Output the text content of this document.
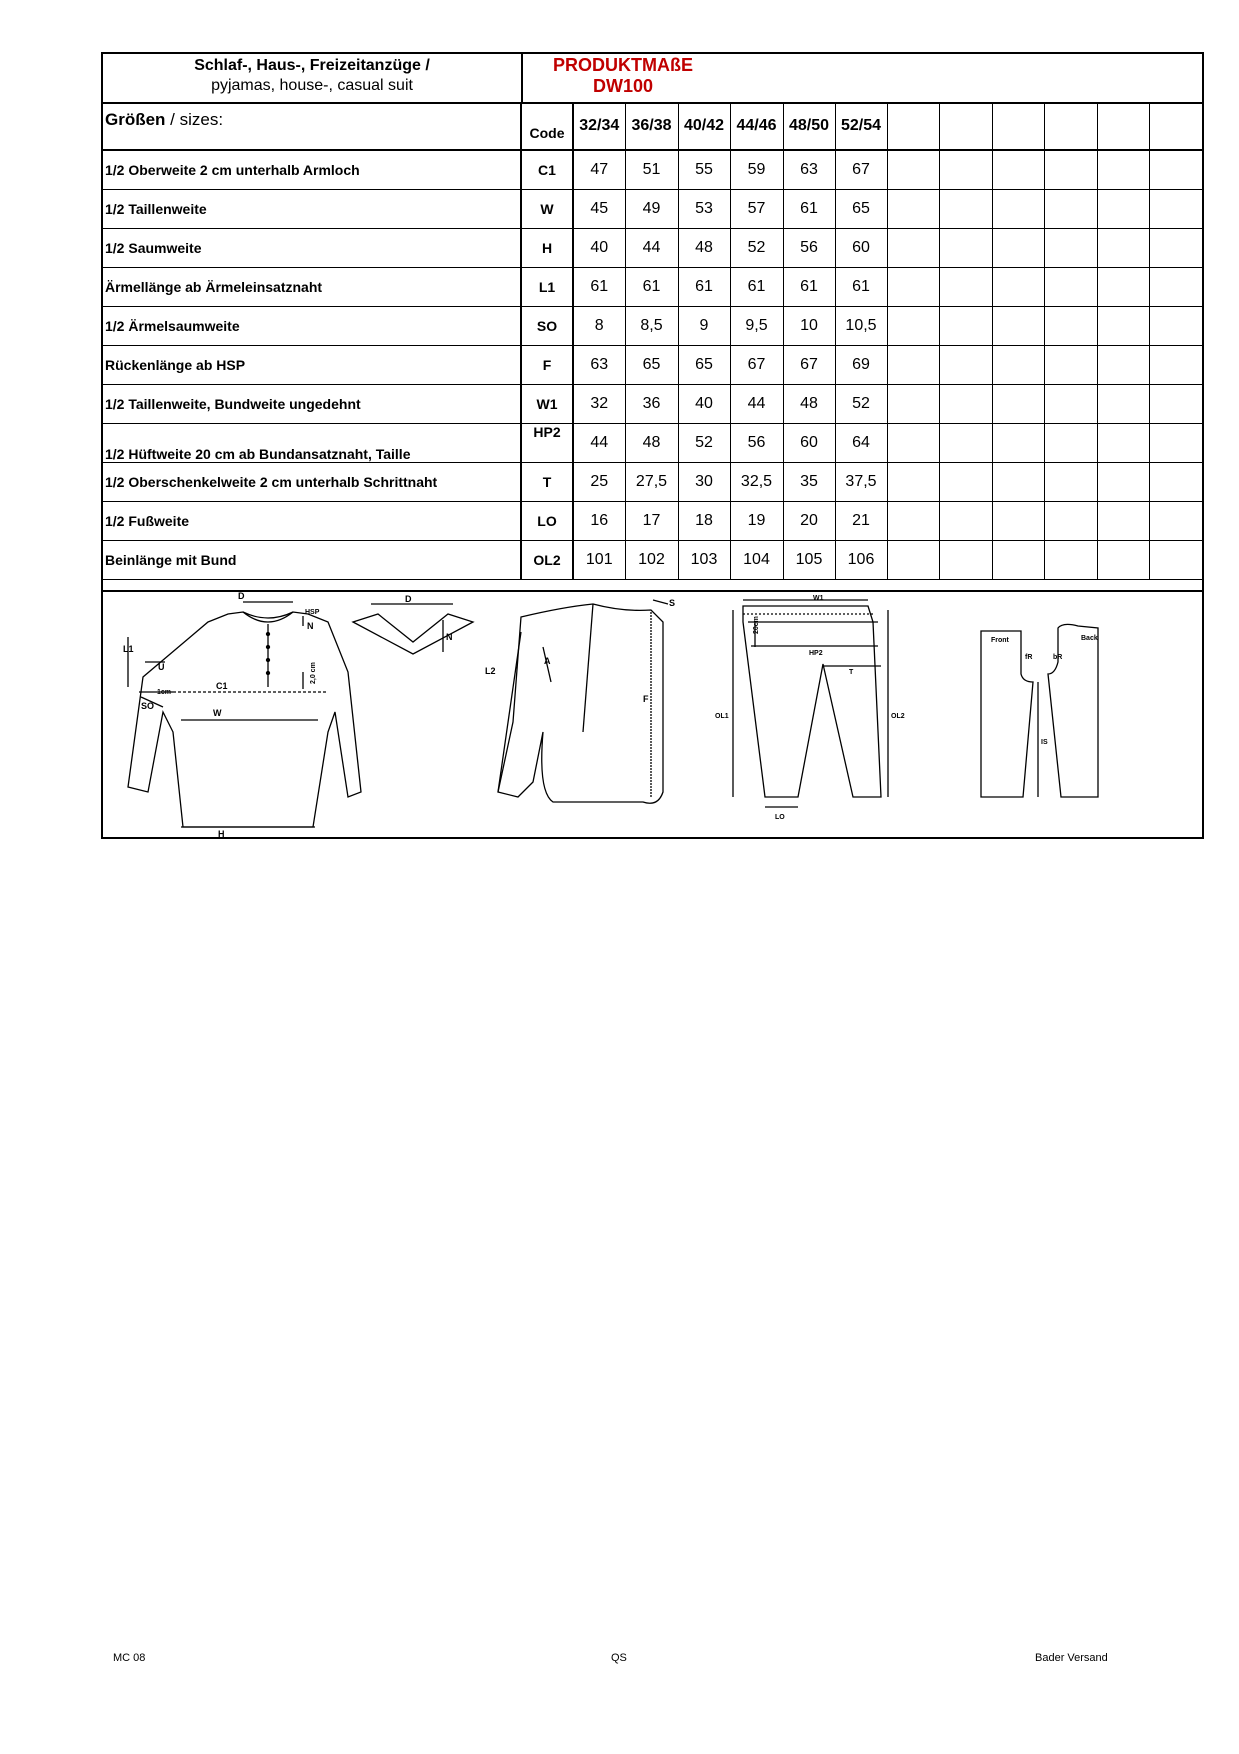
Schlaf-, Haus-, Freizeitanzüge /
pyjamas, house-, casual suit
PRODUKTMAßE
DW100
Größen / sizes:	Code	32/34	36/38	40/42	44/46	48/50	52/54						
1/2 Oberweite 2 cm unterhalb Armloch	C1	47	51	55	59	63	67						
1/2 Taillenweite	W	45	49	53	57	61	65						
1/2 Saumweite	H	40	44	48	52	56	60						
Ärmellänge ab Ärmeleinsatznaht	L1	61	61	61	61	61	61						
1/2 Ärmelsaumweite	SO	8	8,5	9	9,5	10	10,5						
Rückenlänge ab HSP	F	63	65	65	67	67	69						
1/2 Taillenweite, Bundweite ungedehnt	W1	32	36	40	44	48	52						
1/2 Hüftweite 20 cm ab Bundansatznaht, Taille	HP2	44	48	52	56	60	64						
1/2 Oberschenkelweite 2 cm unterhalb Schrittnaht	T	25	27,5	30	32,5	35	37,5						
1/2 Fußweite	LO	16	17	18	19	20	21						
Beinlänge mit Bund	OL2	101	102	103	104	105	106						
D
HSP
N
L1
U
1cm
SO
C1
2,0 cm
W
H
D
N
S
L2
A
F
W1
20cm
HP2
T
OL1	OL2
LO
Front	Back
fR	bR
IS
MC 08	QS	Bader Versand
